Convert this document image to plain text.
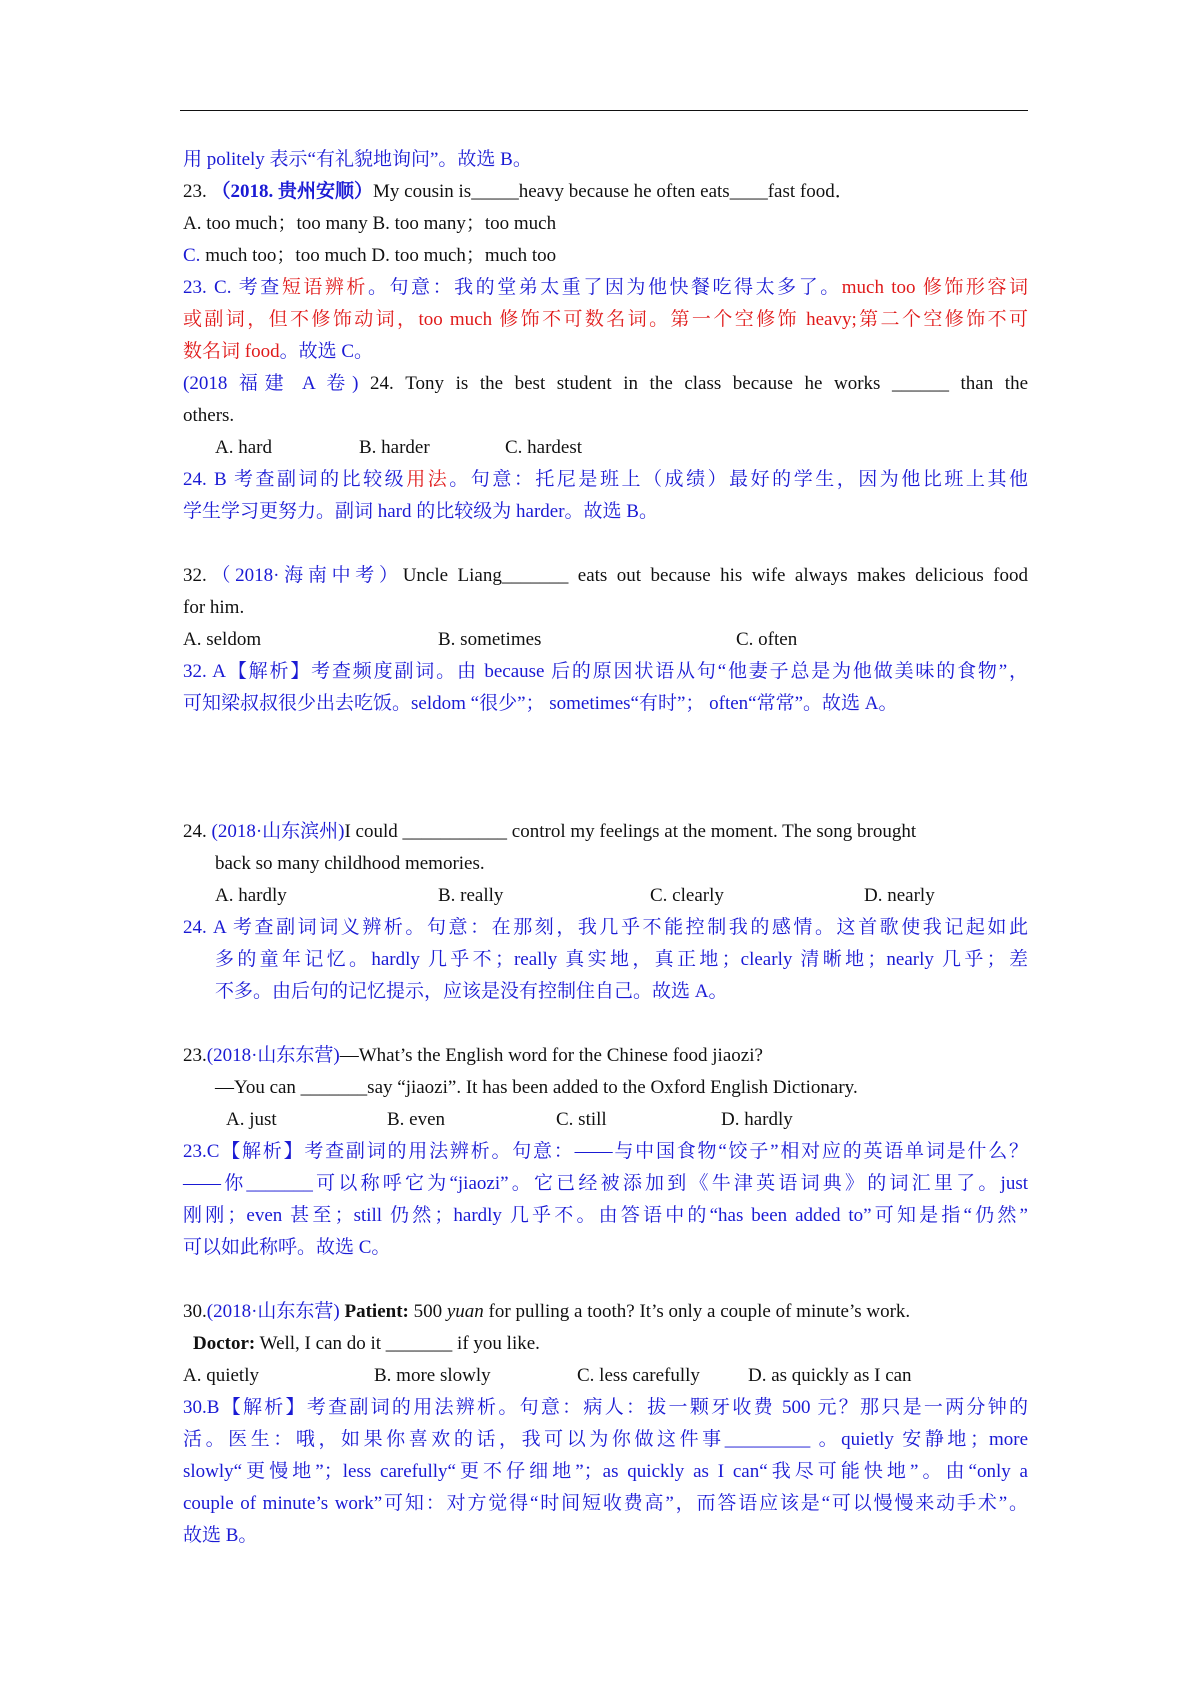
用 politely 表示“有礼貌地询问”。故选 B。
23. （2018. 贵州安顺）My cousin is_____heavy because he often eats____fast food．
A. too much；too many B. too many；too much
C. much too；too much D. too much；much too
23. C. 考查短语辨析。句意：我的堂弟太重了因为他快餐吃得太多了。much too 修饰形容词
或副词，但不修饰动词，too much 修饰不可数名词。第一个空修饰 heavy;第二个空修饰不可
数名词 food。故选 C。
(2018 福建 A 卷) 24. Tony is the best student in the class because he works ______ than the
others.
A. hard	B. harder	C. hardest
24. B 考查副词的比较级用法。句意：托尼是班上（成绩）最好的学生，因为他比班上其他
学生学习更努力。副词 hard 的比较级为 harder。故选 B。
32.（2018·海南中考）Uncle Liang_______ eats out because his wife always makes delicious food
for him.
A. seldom	B. sometimes	C. often
32. A【解析】考查频度副词。由 because 后的原因状语从句“他妻子总是为他做美味的食物”，
可知梁叔叔很少出去吃饭。seldom “很少”； sometimes“有时”； often“常常”。故选 A。
24. (2018·山东滨州)I could ___________ control my feelings at the moment. The song brought
back so many childhood memories.
A. hardly	B. really	C. clearly	D. nearly
24. A 考查副词词义辨析。句意：在那刻，我几乎不能控制我的感情。这首歌使我记起如此
多的童年记忆。hardly 几乎不；really 真实地，真正地；clearly 清晰地；nearly 几乎；差
不多。由后句的记忆提示，应该是没有控制住自己。故选 A。
23.(2018·山东东营)—What’s the English word for the Chinese food jiaozi?
—You can _______say “jiaozi”. It has been added to the Oxford English Dictionary.
A. just	B. even	C. still	D. hardly
23.C【解析】考查副词的用法辨析。句意：——与中国食物“饺子”相对应的英语单词是什么？
——你_______可以称呼它为“jiaozi”。它已经被添加到《牛津英语词典》的词汇里了。just
刚刚；even 甚至；still 仍然；hardly 几乎不。由答语中的“has been added to”可知是指“仍然”
可以如此称呼。故选 C。
30.(2018·山东东营) Patient: 500 yuan for pulling a tooth? It’s only a couple of minute’s work.
Doctor: Well, I can do it _______ if you like.
A. quietly	B. more slowly	C. less carefully	D. as quickly as I can
30.B【解析】考查副词的用法辨析。句意：病人：拔一颗牙收费 500 元？那只是一两分钟的
活。医生：哦，如果你喜欢的话，我可以为你做这件事_________ 。quietly 安静地；more
slowly“更慢地”；less carefully“更不仔细地”；as quickly as I can“我尽可能快地”。由“only a
couple of minute’s work”可知：对方觉得“时间短收费高”，而答语应该是“可以慢慢来动手术”。
故选 B。
